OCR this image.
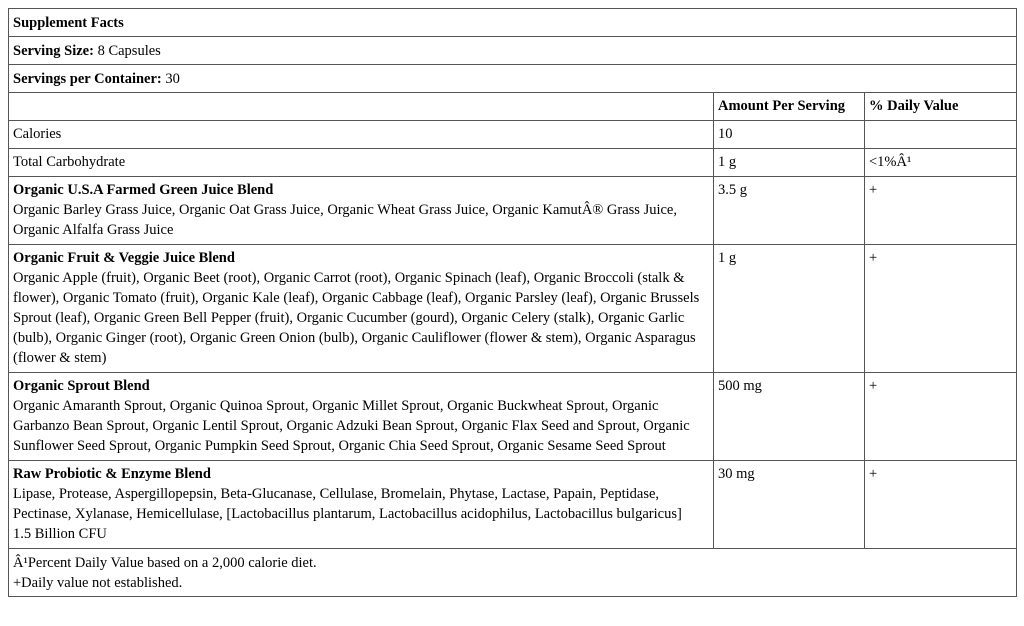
Supplement Facts		
Serving Size: 8 Capsules		
Servings per Container: 30		
	Amount Per Serving	% Daily Value
Calories	10	
Total Carbohydrate	1 g	<1%Â¹

Organic U.S.A Farmed Green Juice Blend
Organic Barley Grass Juice, Organic Oat Grass Juice, Organic Wheat Grass Juice, Organic KamutÂ® Grass Juice, Organic Alfalfa Grass Juice	3.5 g	+

Organic Fruit & Veggie Juice Blend
Organic Apple (fruit), Organic Beet (root), Organic Carrot (root), Organic Spinach (leaf), Organic Broccoli (stalk & flower), Organic Tomato (fruit), Organic Kale (leaf), Organic Cabbage (leaf), Organic Parsley (leaf), Organic Brussels Sprout (leaf), Organic Green Bell Pepper (fruit), Organic Cucumber (gourd), Organic Celery (stalk), Organic Garlic (bulb), Organic Ginger (root), Organic Green Onion (bulb), Organic Cauliflower (flower & stem), Organic Asparagus (flower & stem)	1 g	+

Organic Sprout Blend
Organic Amaranth Sprout, Organic Quinoa Sprout, Organic Millet Sprout, Organic Buckwheat Sprout, Organic Garbanzo Bean Sprout, Organic Lentil Sprout, Organic Adzuki Bean Sprout, Organic Flax Seed and Sprout, Organic Sunflower Seed Sprout, Organic Pumpkin Seed Sprout, Organic Chia Seed Sprout, Organic Sesame Seed Sprout	500 mg	+

Raw Probiotic & Enzyme Blend
Lipase, Protease, Aspergillopepsin, Beta-Glucanase, Cellulase, Bromelain, Phytase, Lactase, Papain, Peptidase, Pectinase, Xylanase, Hemicellulase, [Lactobacillus plantarum, Lactobacillus acidophilus, Lactobacillus bulgaricus]
1.5 Billion CFU	30 mg	+

Â¹Percent Daily Value based on a 2,000 calorie diet.
+Daily value not established.		
